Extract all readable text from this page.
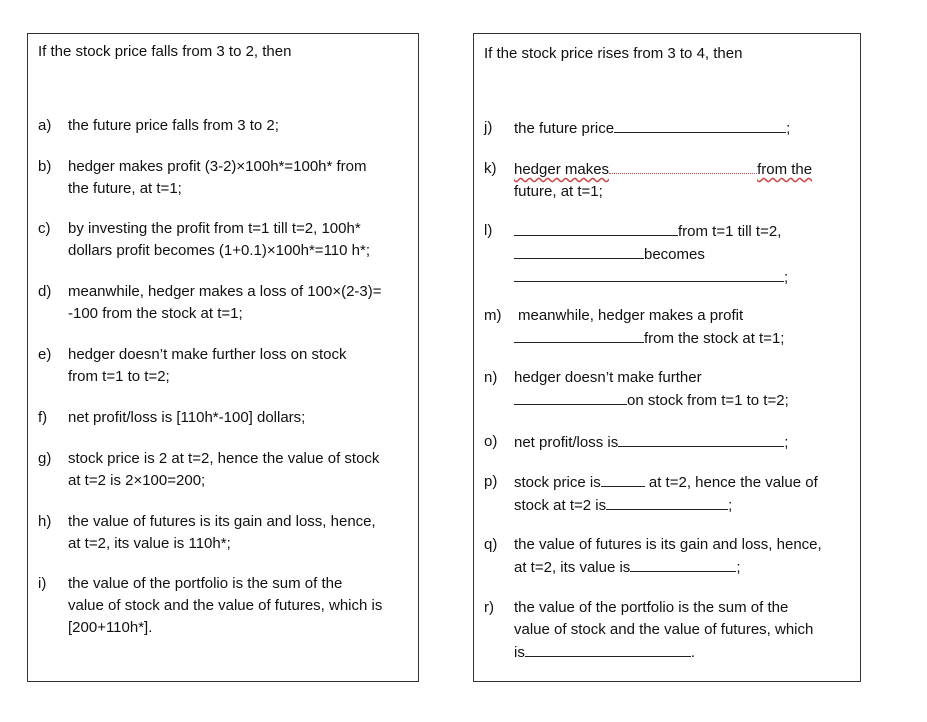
If the stock price falls from 3 to 2, then
a)	the future price falls from 3 to 2;
b)	hedger makes profit (3-2)×100h*=100h* from
the future, at t=1;
c)	by investing the profit from t=1 till t=2, 100h*
dollars profit becomes (1+0.1)×100h*=110 h*;
d)	meanwhile, hedger makes a loss of 100×(2-3)=
-100 from the stock at t=1;
e)	hedger doesn’t make further loss on stock
from t=1 to t=2;
f)	net profit/loss is [110h*-100] dollars;
g)	stock price is 2 at t=2, hence the value of stock
at t=2 is 2×100=200;
h)	the value of futures is its gain and loss, hence,
at t=2, its value is 110h*;
i)	the value of the portfolio is the sum of the
value of stock and the value of futures, which is
[200+110h*].
If the stock price rises from 3 to 4, then
j)	the future price	;
k)	hedger makes	from the
future, at t=1;
l)	from t=1 till t=2,
becomes
;
m)	meanwhile, hedger makes a profit
from the stock at t=1;
n)	hedger doesn’t make further
on stock from t=1 to t=2;
o)	net profit/loss is	;
p)	stock price is	at t=2, hence the value of
stock at t=2 is	;
q)	the value of futures is its gain and loss, hence,
at t=2, its value is	;
r)	the value of the portfolio is the sum of the
value of stock and the value of futures, which
is	.
